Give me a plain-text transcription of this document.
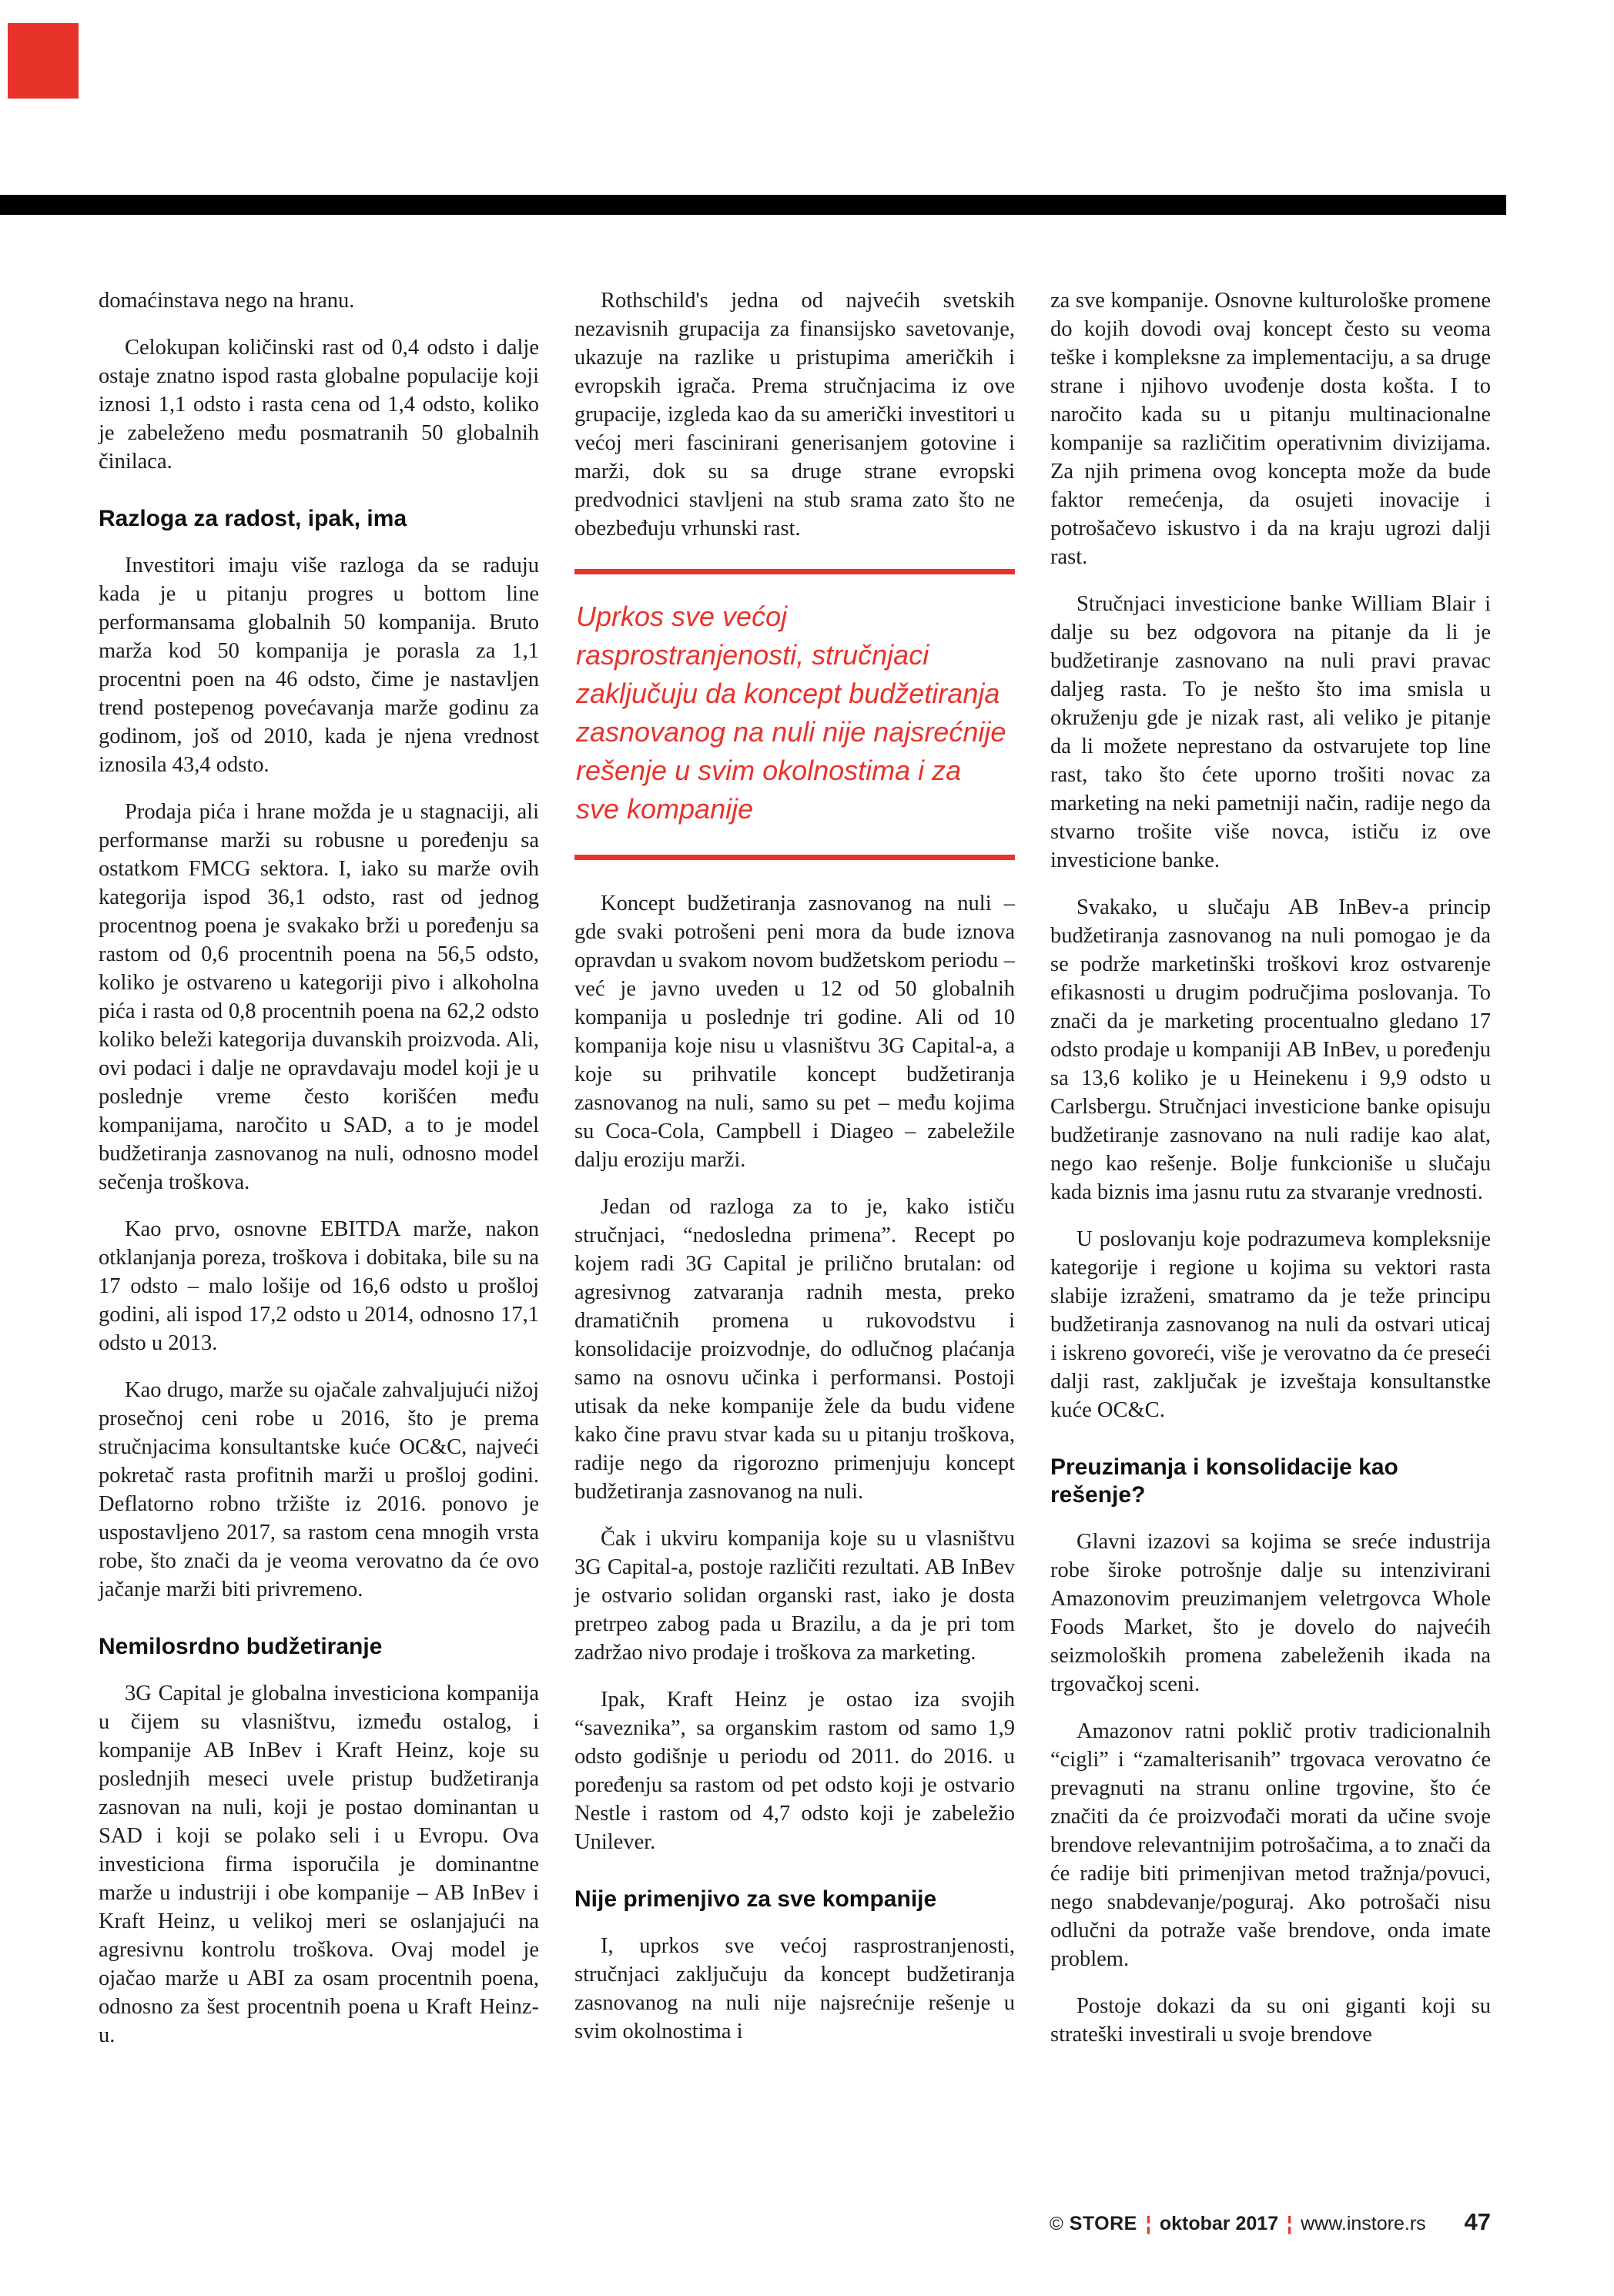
domaćinstava nego na hranu.

Celokupan količinski rast od 0,4 odsto i dalje ostaje znatno ispod rasta globalne populacije koji iznosi 1,1 odsto i rasta cena od 1,4 odsto, koliko je zabeleženo među posmatranih 50 globalnih činilaca.

Razloga za radost, ipak, ima

Investitori imaju više razloga da se raduju kada je u pitanju progres u bottom line performansama globalnih 50 kompanija. Bruto marža kod 50 kompanija je porasla za 1,1 procentni poen na 46 odsto, čime je nastavljen trend postepenog povećavanja marže godinu za godinom, još od 2010, kada je njena vrednost iznosila 43,4 odsto.

Prodaja pića i hrane možda je u stagnaciji, ali performanse marži su robusne u poređenju sa ostatkom FMCG sektora. I, iako su marže ovih kategorija ispod 36,1 odsto, rast od jednog procentnog poena je svakako brži u poređenju sa rastom od 0,6 procentnih poena na 56,5 odsto, koliko je ostvareno u kategoriji pivo i alkoholna pića i rasta od 0,8 procentnih poena na 62,2 odsto koliko beleži kategorija duvanskih proizvoda. Ali, ovi podaci i dalje ne opravdavaju model koji je u poslednje vreme često korišćen među kompanijama, naročito u SAD, a to je model budžetiranja zasnovanog na nuli, odnosno model sečenja troškova.

Kao prvo, osnovne EBITDA marže, nakon otklanjanja poreza, troškova i dobitaka, bile su na 17 odsto – malo lošije od 16,6 odsto u prošloj godini, ali ispod 17,2 odsto u 2014, odnosno 17,1 odsto u 2013.

Kao drugo, marže su ojačale zahvaljujući nižoj prosečnoj ceni robe u 2016, što je prema stručnjacima konsultantske kuće OC&C, najveći pokretač rasta profitnih marži u prošloj godini. Deflatorno robno tržište iz 2016. ponovo je uspostavljeno 2017, sa rastom cena mnogih vrsta robe, što znači da je veoma verovatno da će ovo jačanje marži biti privremeno.

Nemilosrdno budžetiranje

3G Capital je globalna investiciona kompanija u čijem su vlasništvu, između ostalog, i kompanije AB InBev i Kraft Heinz, koje su poslednjih meseci uvele pristup budžetiranja zasnovan na nuli, koji je postao dominantan u SAD i koji se polako seli i u Evropu. Ova investiciona firma isporučila je dominantne marže u industriji i obe kompanije – AB InBev i Kraft Heinz, u velikoj meri se oslanjajući na agresivnu kontrolu troškova. Ovaj model je ojačao marže u ABI za osam procentnih poena, odnosno za šest procentnih poena u Kraft Heinz-u.

Rothschild's jedna od najvećih svetskih nezavisnih grupacija za finansijsko savetovanje, ukazuje na razlike u pristupima američkih i evropskih igrača. Prema stručnjacima iz ove grupacije, izgleda kao da su američki investitori u većoj meri fascinirani generisanjem gotovine i marži, dok su sa druge strane evropski predvodnici stavljeni na stub srama zato što ne obezbeđuju vrhunski rast.

Uprkos sve većoj rasprostranjenosti, stručnjaci zaključuju da koncept budžetiranja zasnovanog na nuli nije najsrećnije rešenje u svim okolnostima i za sve kompanije

Koncept budžetiranja zasnovanog na nuli – gde svaki potrošeni peni mora da bude iznova opravdan u svakom novom budžetskom periodu – već je javno uveden u 12 od 50 globalnih kompanija u poslednje tri godine. Ali od 10 kompanija koje nisu u vlasništvu 3G Capital-a, a koje su prihvatile koncept budžetiranja zasnovanog na nuli, samo su pet – među kojima su Coca-Cola, Campbell i Diageo – zabeležile dalju eroziju marži.

Jedan od razloga za to je, kako ističu stručnjaci, “nedosledna primena”. Recept po kojem radi 3G Capital je prilično brutalan: od agresivnog zatvaranja radnih mesta, preko dramatičnih promena u rukovodstvu i konsolidacije proizvodnje, do odlučnog plaćanja samo na osnovu učinka i performansi. Postoji utisak da neke kompanije žele da budu viđene kako čine pravu stvar kada su u pitanju troškova, radije nego da rigorozno primenjuju koncept budžetiranja zasnovanog na nuli.

Čak i ukviru kompanija koje su u vlasništvu 3G Capital-a, postoje različiti rezultati. AB InBev je ostvario solidan organski rast, iako je dosta pretrpeo zabog pada u Brazilu, a da je pri tom zadržao nivo prodaje i troškova za marketing.

Ipak, Kraft Heinz je ostao iza svojih “saveznika”, sa organskim rastom od samo 1,9 odsto godišnje u periodu od 2011. do 2016. u poređenju sa rastom od pet odsto koji je ostvario Nestle i rastom od 4,7 odsto koji je zabeležio Unilever.

Nije primenjivo za sve kompanije

I, uprkos sve većoj rasprostranjenosti, stručnjaci zaključuju da koncept budžetiranja zasnovanog na nuli nije najsrećnije rešenje u svim okolnostima i

za sve kompanije. Osnovne kulturološke promene do kojih dovodi ovaj koncept često su veoma teške i kompleksne za implementaciju, a sa druge strane i njihovo uvođenje dosta košta. I to naročito kada su u pitanju multinacionalne kompanije sa različitim operativnim divizijama. Za njih primena ovog koncepta može da bude faktor remećenja, da osujeti inovacije i potrošačevo iskustvo i da na kraju ugrozi dalji rast.

Stručnjaci investicione banke William Blair i dalje su bez odgovora na pitanje da li je budžetiranje zasnovano na nuli pravi pravac daljeg rasta. To je nešto što ima smisla u okruženju gde je nizak rast, ali veliko je pitanje da li možete neprestano da ostvarujete top line rast, tako što ćete uporno trošiti novac za marketing na neki pametniji način, radije nego da stvarno trošite više novca, ističu iz ove investicione banke.

Svakako, u slučaju AB InBev-a princip budžetiranja zasnovanog na nuli pomogao je da se podrže marketinški troškovi kroz ostvarenje efikasnosti u drugim područjima poslovanja. To znači da je marketing procentualno gledano 17 odsto prodaje u kompaniji AB InBev, u poređenju sa 13,6 koliko je u Heinekenu i 9,9 odsto u Carlsbergu. Stručnjaci investicione banke opisuju budžetiranje zasnovano na nuli radije kao alat, nego kao rešenje. Bolje funkcioniše u slučaju kada biznis ima jasnu rutu za stvaranje vrednosti.

U poslovanju koje podrazumeva kompleksnije kategorije i regione u kojima su vektori rasta slabije izraženi, smatramo da je teže principu budžetiranja zasnovanog na nuli da ostvari uticaj i iskreno govoreći, više je verovatno da će preseći dalji rast, zaključak je izveštaja konsultanstke kuće OC&C.

Preuzimanja i konsolidacije kao rešenje?

Glavni izazovi sa kojima se sreće industrija robe široke potrošnje dalje su intenzivirani Amazonovim preuzimanjem veletrgovca Whole Foods Market, što je dovelo do najvećih seizmoloških promena zabeleženih ikada na trgovačkoj sceni.

Amazonov ratni poklič protiv tradicionalnih “cigli” i “zamalterisanih” trgovaca verovatno će prevagnuti na stranu online trgovine, što će značiti da će proizvođači morati da učine svoje brendove relevantnijim potrošačima, a to znači da će radije biti primenjivan metod tražnja/povuci, nego snabdevanje/poguraj. Ako potrošači nisu odlučni da potraže vaše brendove, onda imate problem.

Postoje dokazi da su oni giganti koji su strateški investirali u svoje brendove

© STORE ¦ oktobar 2017 ¦ www.instore.rs 47
